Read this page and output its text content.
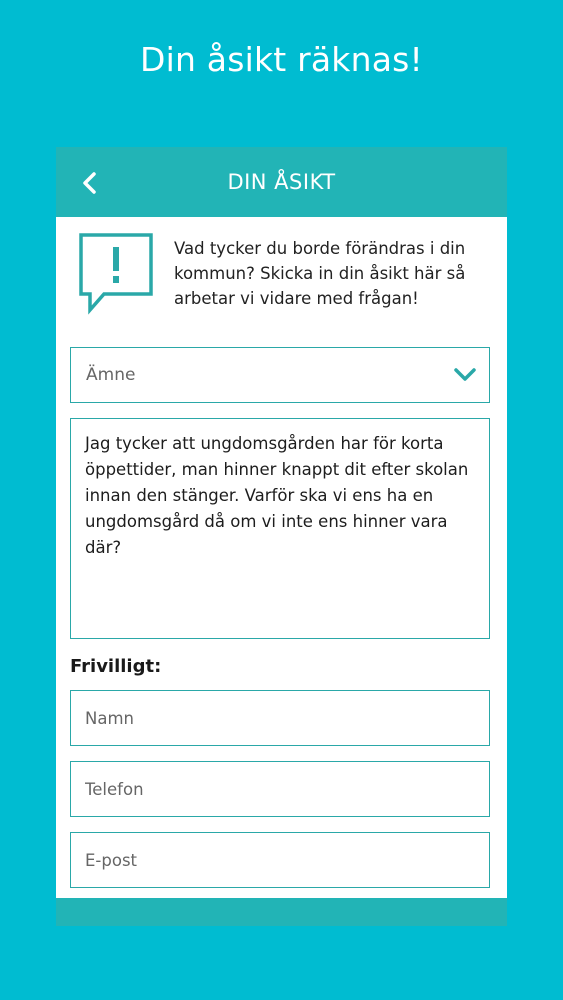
Din åsikt räknas!
DIN ÅSIKT
Vad tycker du borde förändras i din kommun? Skicka in din åsikt här så arbetar vi vidare med frågan!
Ämne
Jag tycker att ungdomsgården har för korta öppettider, man hinner knappt dit efter skolan innan den stänger. Varför ska vi ens ha en ungdomsgård då om vi inte ens hinner vara där?
Frivilligt:
Namn
Telefon
E-post
